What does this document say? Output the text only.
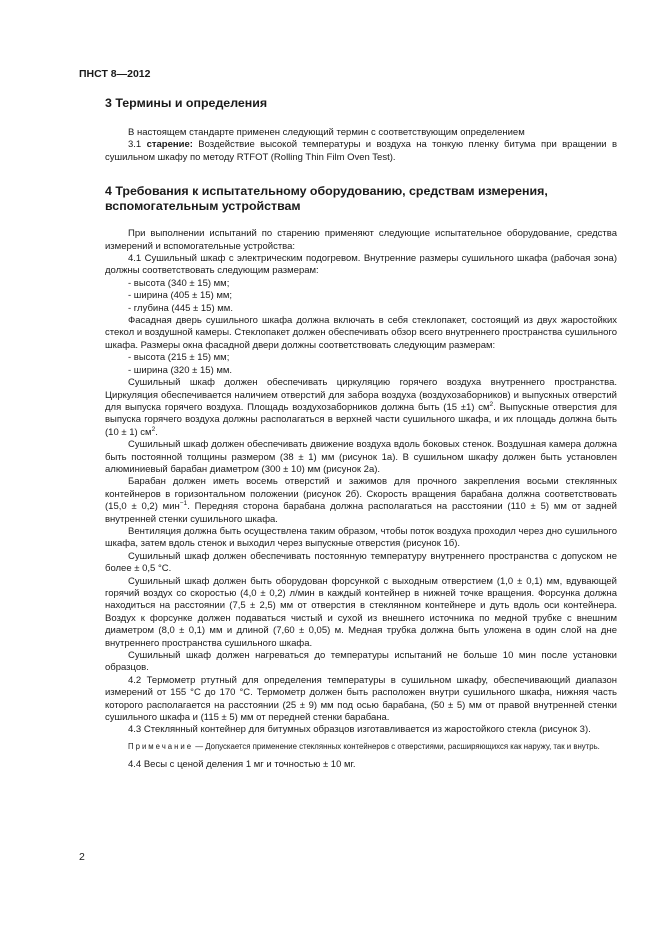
ПНСТ 8—2012

3 Термины и определения

В настоящем стандарте применен следующий термин с соответствующим определением

3.1 старение: Воздействие высокой температуры и воздуха на тонкую пленку битума при вращении в сушильном шкафу по методу RTFOT (Rolling Thin Film Oven Test).

4 Требования к испытательному оборудованию, средствам измерения, вспомогательным устройствам

При выполнении испытаний по старению применяют следующие испытательное оборудование, средства измерений и вспомогательные устройства:

4.1 Сушильный шкаф с электрическим подогревом. Внутренние размеры сушильного шкафа (рабочая зона) должны соответствовать следующим размерам:

- высота (340 ± 15) мм;

- ширина (405 ± 15) мм;

- глубина (445 ± 15) мм.

Фасадная дверь сушильного шкафа должна включать в себя стеклопакет, состоящий из двух жаростойких стекол и воздушной камеры. Стеклопакет должен обеспечивать обзор всего внутреннего пространства сушильного шкафа. Размеры окна фасадной двери должны соответствовать следующим размерам:

- высота (215 ± 15) мм;

- ширина (320 ± 15) мм.

Сушильный шкаф должен обеспечивать циркуляцию горячего воздуха внутреннего пространства. Циркуляция обеспечивается наличием отверстий для забора воздуха (воздухозаборников) и выпускных отверстий для выпуска горячего воздуха. Площадь воздухозаборников должна быть (15 ±1) $см^2$. Выпускные отверстия для выпуска горячего воздуха должны располагаться в верхней части сушильного шкафа, и их площадь должна быть (10 ± 1) $см^2$.

Сушильный шкаф должен обеспечивать движение воздуха вдоль боковых стенок. Воздушная камера должна быть постоянной толщины размером (38 ± 1) мм (рисунок 1а). В сушильном шкафу должен быть установлен алюминиевый барабан диаметром (300 ± 10) мм (рисунок 2а).

Барабан должен иметь восемь отверстий и зажимов для прочного закрепления восьми стеклянных контейнеров в горизонтальном положении (рисунок 2б). Скорость вращения барабана должна соответствовать (15,0 ± 0,2) мин$^{-1}$. Передняя сторона барабана должна располагаться на расстоянии (110 ± 5) мм от задней внутренней стенки сушильного шкафа.

Вентиляция должна быть осуществлена таким образом, чтобы поток воздуха проходил через дно сушильного шкафа, затем вдоль стенок и выходил через выпускные отверстия (рисунок 1б).

Сушильный шкаф должен обеспечивать постоянную температуру внутреннего пространства с допуском не более ± 0,5 °С.

Сушильный шкаф должен быть оборудован форсункой с выходным отверстием (1,0 ± 0,1) мм, вдувающей горячий воздух со скоростью (4,0 ± 0,2) л/мин в каждый контейнер в нижней точке вращения. Форсунка должна находиться на расстоянии (7,5 ± 2,5) мм от отверстия в стеклянном контейнере и дуть вдоль оси контейнера. Воздух к форсунке должен подаваться чистый и сухой из внешнего источника по медной трубке с внешним диаметром (8,0 ± 0,1) мм и длиной (7,60 ± 0,05) м. Медная трубка должна быть уложена в один слой на дне внутреннего пространства сушильного шкафа.

Сушильный шкаф должен нагреваться до температуры испытаний не больше 10 мин после установки образцов.

4.2 Термометр ртутный для определения температуры в сушильном шкафу, обеспечивающий диапазон измерений от 155 °С до 170 °С. Термометр должен быть расположен внутри сушильного шкафа, нижняя часть которого располагается на расстоянии (25 ± 9) мм под осью барабана, (50 ± 5) мм от правой внутренней стенки сушильного шкафа и (115 ± 5) мм от передней стенки барабана.

4.3 Стеклянный контейнер для битумных образцов изготавливается из жаростойкого стекла (рисунок 3).

Примечание — Допускается применение стеклянных контейнеров с отверстиями, расширяющихся как наружу, так и внутрь.

4.4 Весы с ценой деления 1 мг и точностью ± 10 мг.

2
